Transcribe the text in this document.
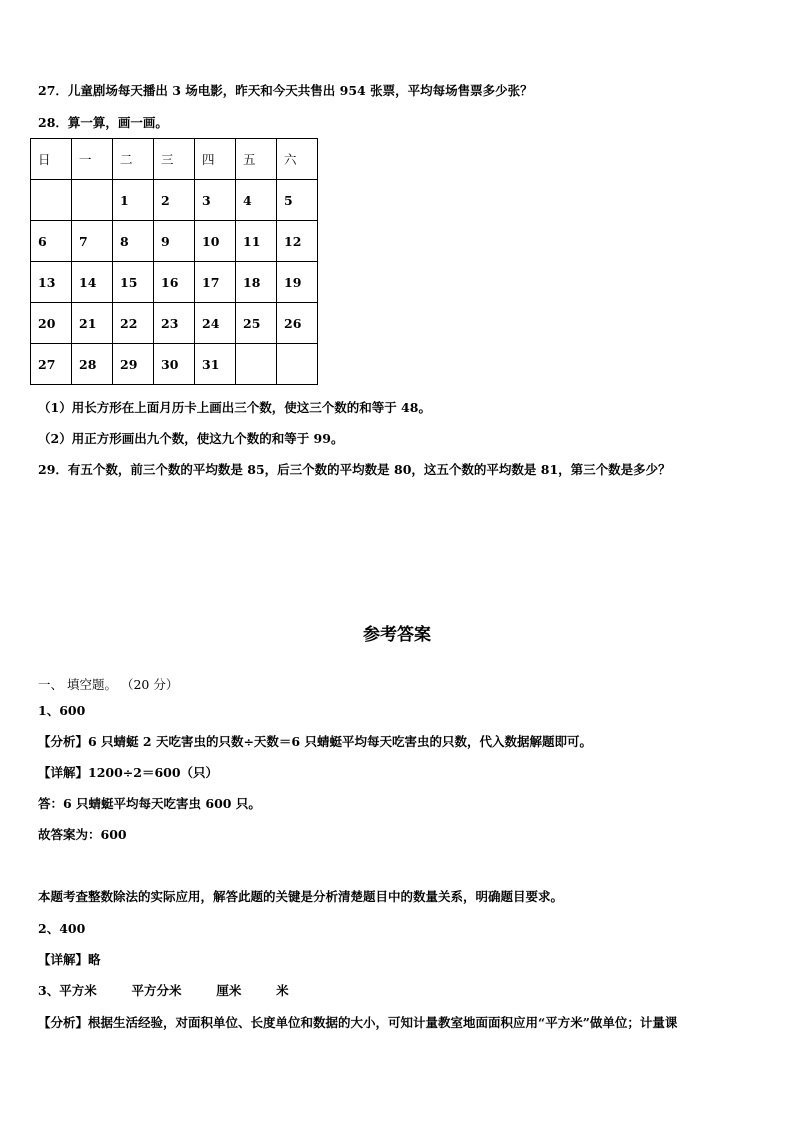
27．儿童剧场每天播出 3 场电影，昨天和今天共售出 954 张票，平均每场售票多少张？
28．算一算，画一画。
日	一	二	三	四	五	六
		1	2	3	4	5
6	7	8	9	10	11	12
13	14	15	16	17	18	19
20	21	22	23	24	25	26
27	28	29	30	31		
（1）用长方形在上面月历卡上画出三个数，使这三个数的和等于 48。
（2）用正方形画出九个数，使这九个数的和等于 99。
29．有五个数，前三个数的平均数是 85，后三个数的平均数是 80，这五个数的平均数是 81，第三个数是多少？
参考答案
一、 填空题。 （20 分）
1、600
【分析】6 只蜻蜓 2 天吃害虫的只数÷天数＝6 只蜻蜓平均每天吃害虫的只数，代入数据解题即可。
【详解】1200÷2＝600（只）
答：6 只蜻蜓平均每天吃害虫 600 只。
故答案为：600
本题考查整数除法的实际应用，解答此题的关键是分析清楚题目中的数量关系，明确题目要求。
2、400
【详解】略
3、平方米        平方分米        厘米        米
【分析】根据生活经验，对面积单位、长度单位和数据的大小，可知计量教室地面面积应用“平方米”做单位；计量课
